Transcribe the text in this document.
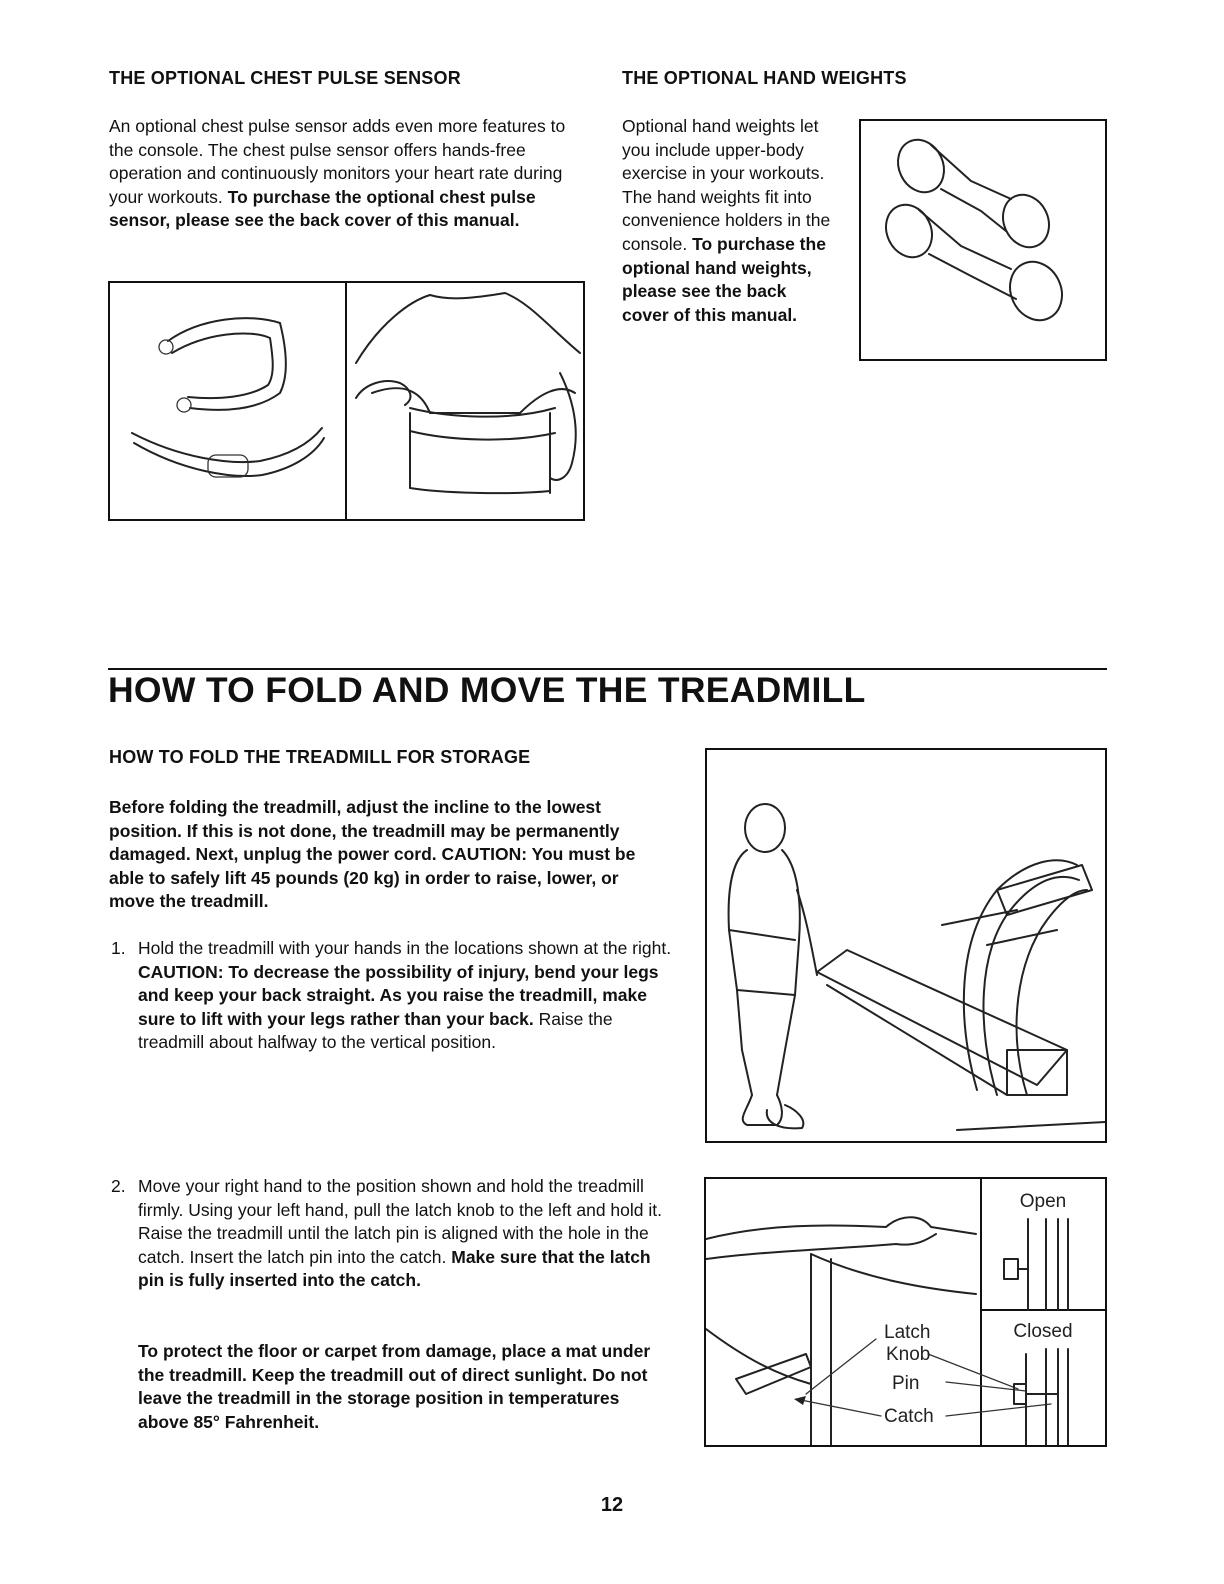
THE OPTIONAL CHEST PULSE SENSOR
An optional chest pulse sensor adds even more features to the console. The chest pulse sensor offers hands-free operation and continuously monitors your heart rate during your workouts. To purchase the optional chest pulse sensor, please see the back cover of this manual.
THE OPTIONAL HAND WEIGHTS
Optional hand weights let you include upper-body exercise in your workouts. The hand weights fit into convenience holders in the console. To purchase the optional hand weights, please see the back cover of this manual.
HOW TO FOLD AND MOVE THE TREADMILL
HOW TO FOLD THE TREADMILL FOR STORAGE
Before folding the treadmill, adjust the incline to the lowest position. If this is not done, the treadmill may be permanently damaged. Next, unplug the power cord. CAUTION: You must be able to safely lift 45 pounds (20 kg) in order to raise, lower, or move the treadmill.
1. Hold the treadmill with your hands in the locations shown at the right. CAUTION: To decrease the possibility of injury, bend your legs and keep your back straight. As you raise the treadmill, make sure to lift with your legs rather than your back. Raise the treadmill about halfway to the vertical position.
2. Move your right hand to the position shown and hold the treadmill firmly. Using your left hand, pull the latch knob to the left and hold it. Raise the treadmill until the latch pin is aligned with the hole in the catch. Insert the latch pin into the catch. Make sure that the latch pin is fully inserted into the catch.
To protect the floor or carpet from damage, place a mat under the treadmill. Keep the treadmill out of direct sunlight. Do not leave the treadmill in the storage position in temperatures above 85° Fahrenheit.
Open
Closed
Latch
Knob
Pin
Catch
12
